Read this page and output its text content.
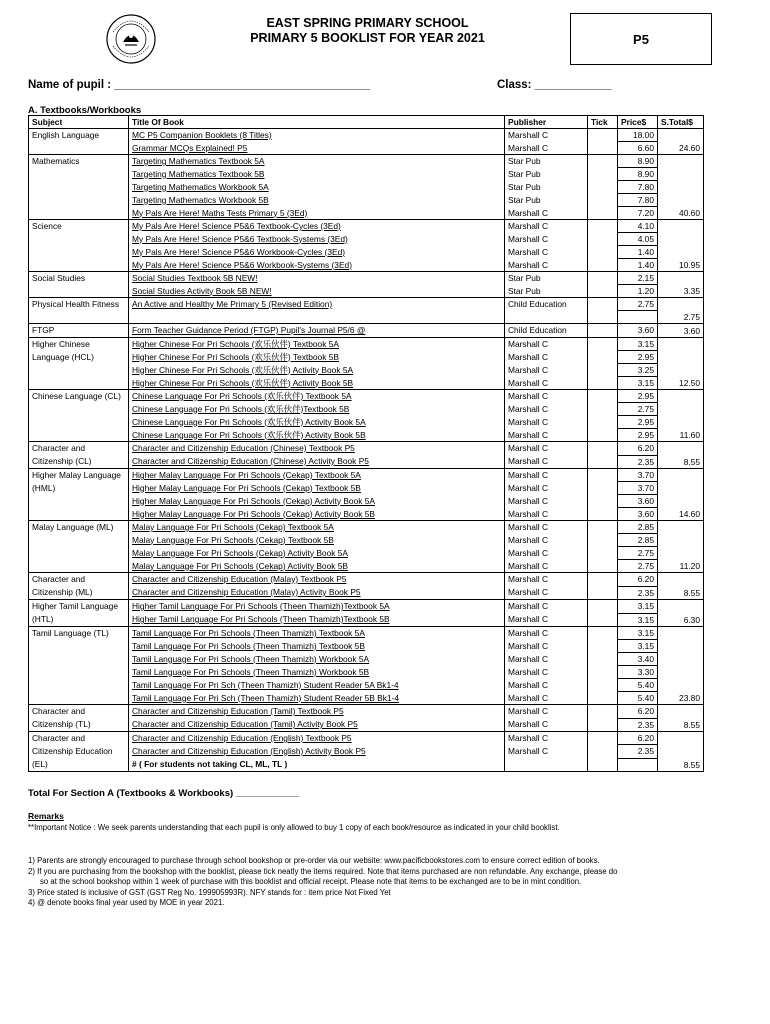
EAST SPRING PRIMARY SCHOOL
PRIMARY 5 BOOKLIST FOR YEAR 2021	P5
Name of pupil : ________________________________________	Class: ____________
A. Textbooks/Workbooks
Subject	Title Of Book	Publisher	Tick	Price$	S.Total$
English Language	MC P5 Companion Booklets (8 Titles)	Marshall C		18.00	24.60
	Grammar MCQs Explained! P5	Marshall C		6.60	
Mathematics	Targeting Mathematics Textbook 5A	Star Pub		8.90	40.60
	Targeting Mathematics Textbook 5B	Star Pub		8.90	
	Targeting Mathematics Workbook 5A	Star Pub		7.80	
	Targeting Mathematics Workbook 5B	Star Pub		7.80	
	My Pals Are Here! Maths Tests Primary 5 (3Ed)	Marshall C		7.20	
Science	My Pals Are Here! Science P5&6 Textbook-Cycles (3Ed)	Marshall C		4.10	10.95
	My Pals Are Here! Science P5&6 Textbook-Systems (3Ed)	Marshall C		4.05	
	My Pals Are Here! Science P5&6 Workbook-Cycles (3Ed)	Marshall C		1.40	
	My Pals Are Here! Science P5&6 Workbook-Systems (3Ed)	Marshall C		1.40	
Social Studies	Social Studies Textbook 5B NEW!	Star Pub		2.15	3.35
	Social Studies Activity Book 5B NEW!	Star Pub		1.20	
Physical Health Fitness	An Active and Healthy Me Primary 5 (Revised Edition)	Child Education		2.75	2.75

FTGP	Form Teacher Guidance Period (FTGP) Pupil's Journal P5/6 @	Child Education		3.60	3.60
Higher Chinese Language (HCL)	Higher Chinese For Pri Schools (欢乐伙伴) Textbook 5A	Marshall C		3.15	12.50
	Higher Chinese For Pri Schools (欢乐伙伴) Textbook 5B	Marshall C		2.95	
	Higher Chinese For Pri Schools (欢乐伙伴) Activity Book 5A	Marshall C		3.25	
	Higher Chinese For Pri Schools (欢乐伙伴) Activity Book 5B	Marshall C		3.15	
Chinese Language (CL)	Chinese Language For Pri Schools (欢乐伙伴) Textbook 5A	Marshall C		2.95	11.60
	Chinese Language For Pri Schools (欢乐伙伴)Textbook 5B	Marshall C		2.75	
	Chinese Language For Pri Schools (欢乐伙伴) Activity Book 5A	Marshall C		2.95	
	Chinese Language For Pri Schools (欢乐伙伴) Activity Book 5B	Marshall C		2.95	
Character and Citizenship (CL)	Character and Citizenship Education (Chinese) Textbook P5	Marshall C		6.20	8.55
	Character and Citizenship Education (Chinese) Activity Book P5	Marshall C		2.35	
Higher Malay Language (HML)	Higher Malay Language For Pri Schools (Cekap) Textbook 5A	Marshall C		3.70	14.60
	Higher Malay Language For Pri Schools (Cekap) Textbook 5B	Marshall C		3.70	
	Higher Malay Language For Pri Schools (Cekap) Activity Book 5A	Marshall C		3.60	
	Higher Malay Language For Pri Schools (Cekap) Activity Book 5B	Marshall C		3.60	
Malay Language (ML)	Malay Language For Pri Schools (Cekap) Textbook 5A	Marshall C		2.85	11.20
	Malay Language For Pri Schools (Cekap) Textbook 5B	Marshall C		2.85	
	Malay Language For Pri Schools (Cekap) Activity Book 5A	Marshall C		2.75	
	Malay Language For Pri Schools (Cekap) Activity Book 5B	Marshall C		2.75	
Character and Citizenship (ML)	Character and Citizenship Education (Malay) Textbook P5	Marshall C		6.20	8.55
	Character and Citizenship Education (Malay) Activity Book P5	Marshall C		2.35	
Higher Tamil Language (HTL)	Higher Tamil Language For Pri Schools (Theen Thamizh)Textbook 5A	Marshall C		3.15	6.30
	Higher Tamil Language For Pri Schools (Theen Thamizh)Textbook 5B	Marshall C		3.15	
Tamil Language (TL)	Tamil Language For Pri Schools (Theen Thamizh) Textbook 5A	Marshall C		3.15	23.80
	Tamil Language For Pri Schools (Theen Thamizh) Textbook 5B	Marshall C		3.15	
	Tamil Language For Pri Schools (Theen Thamizh) Workbook 5A	Marshall C		3.40	
	Tamil Language For Pri Schools (Theen Thamizh) Workbook 5B	Marshall C		3.30	
	Tamil Language For Pri Sch (Theen Thamizh) Student Reader 5A Bk1-4	Marshall C		5.40	
	Tamil Language For Pri Sch (Theen Thamizh) Student Reader 5B Bk1-4	Marshall C		5.40	
Character and Citizenship (TL)	Character and Citizenship Education (Tamil) Textbook P5	Marshall C		6.20	8.55
	Character and Citizenship Education (Tamil) Activity Book P5	Marshall C		2.35	
Character and Citizenship Education (EL)	Character and Citizenship Education (English) Textbook P5	Marshall C		6.20	8.55
	Character and Citizenship Education (English) Activity Book P5	Marshall C		2.35	
	# ( For students not taking CL, ML, TL )				
Total For Section A (Textbooks & Workbooks) ____________
Remarks
**Important Notice : We seek parents understanding that each pupil is only allowed to buy 1 copy of each book/resource as indicated in your child booklist.
1) Parents are strongly encouraged to purchase through school bookshop or pre-order via our website: www.pacificbookstores.com to ensure correct edition of books.
2) If you are purchasing from the bookshop with the booklist, please tick neatly the items required. Note that items purchased are non refundable. Any exchange, please do
so at the school bookshop within 1 week of purchase with this booklist and official receipt. Please note that items to be exchanged are to be in mint condition.
3) Price stated is inclusive of GST (GST Reg No. 199905993R). NFY stands for : item price Not Fixed Yet
4) @ denote books final year used by MOE in year 2021.
